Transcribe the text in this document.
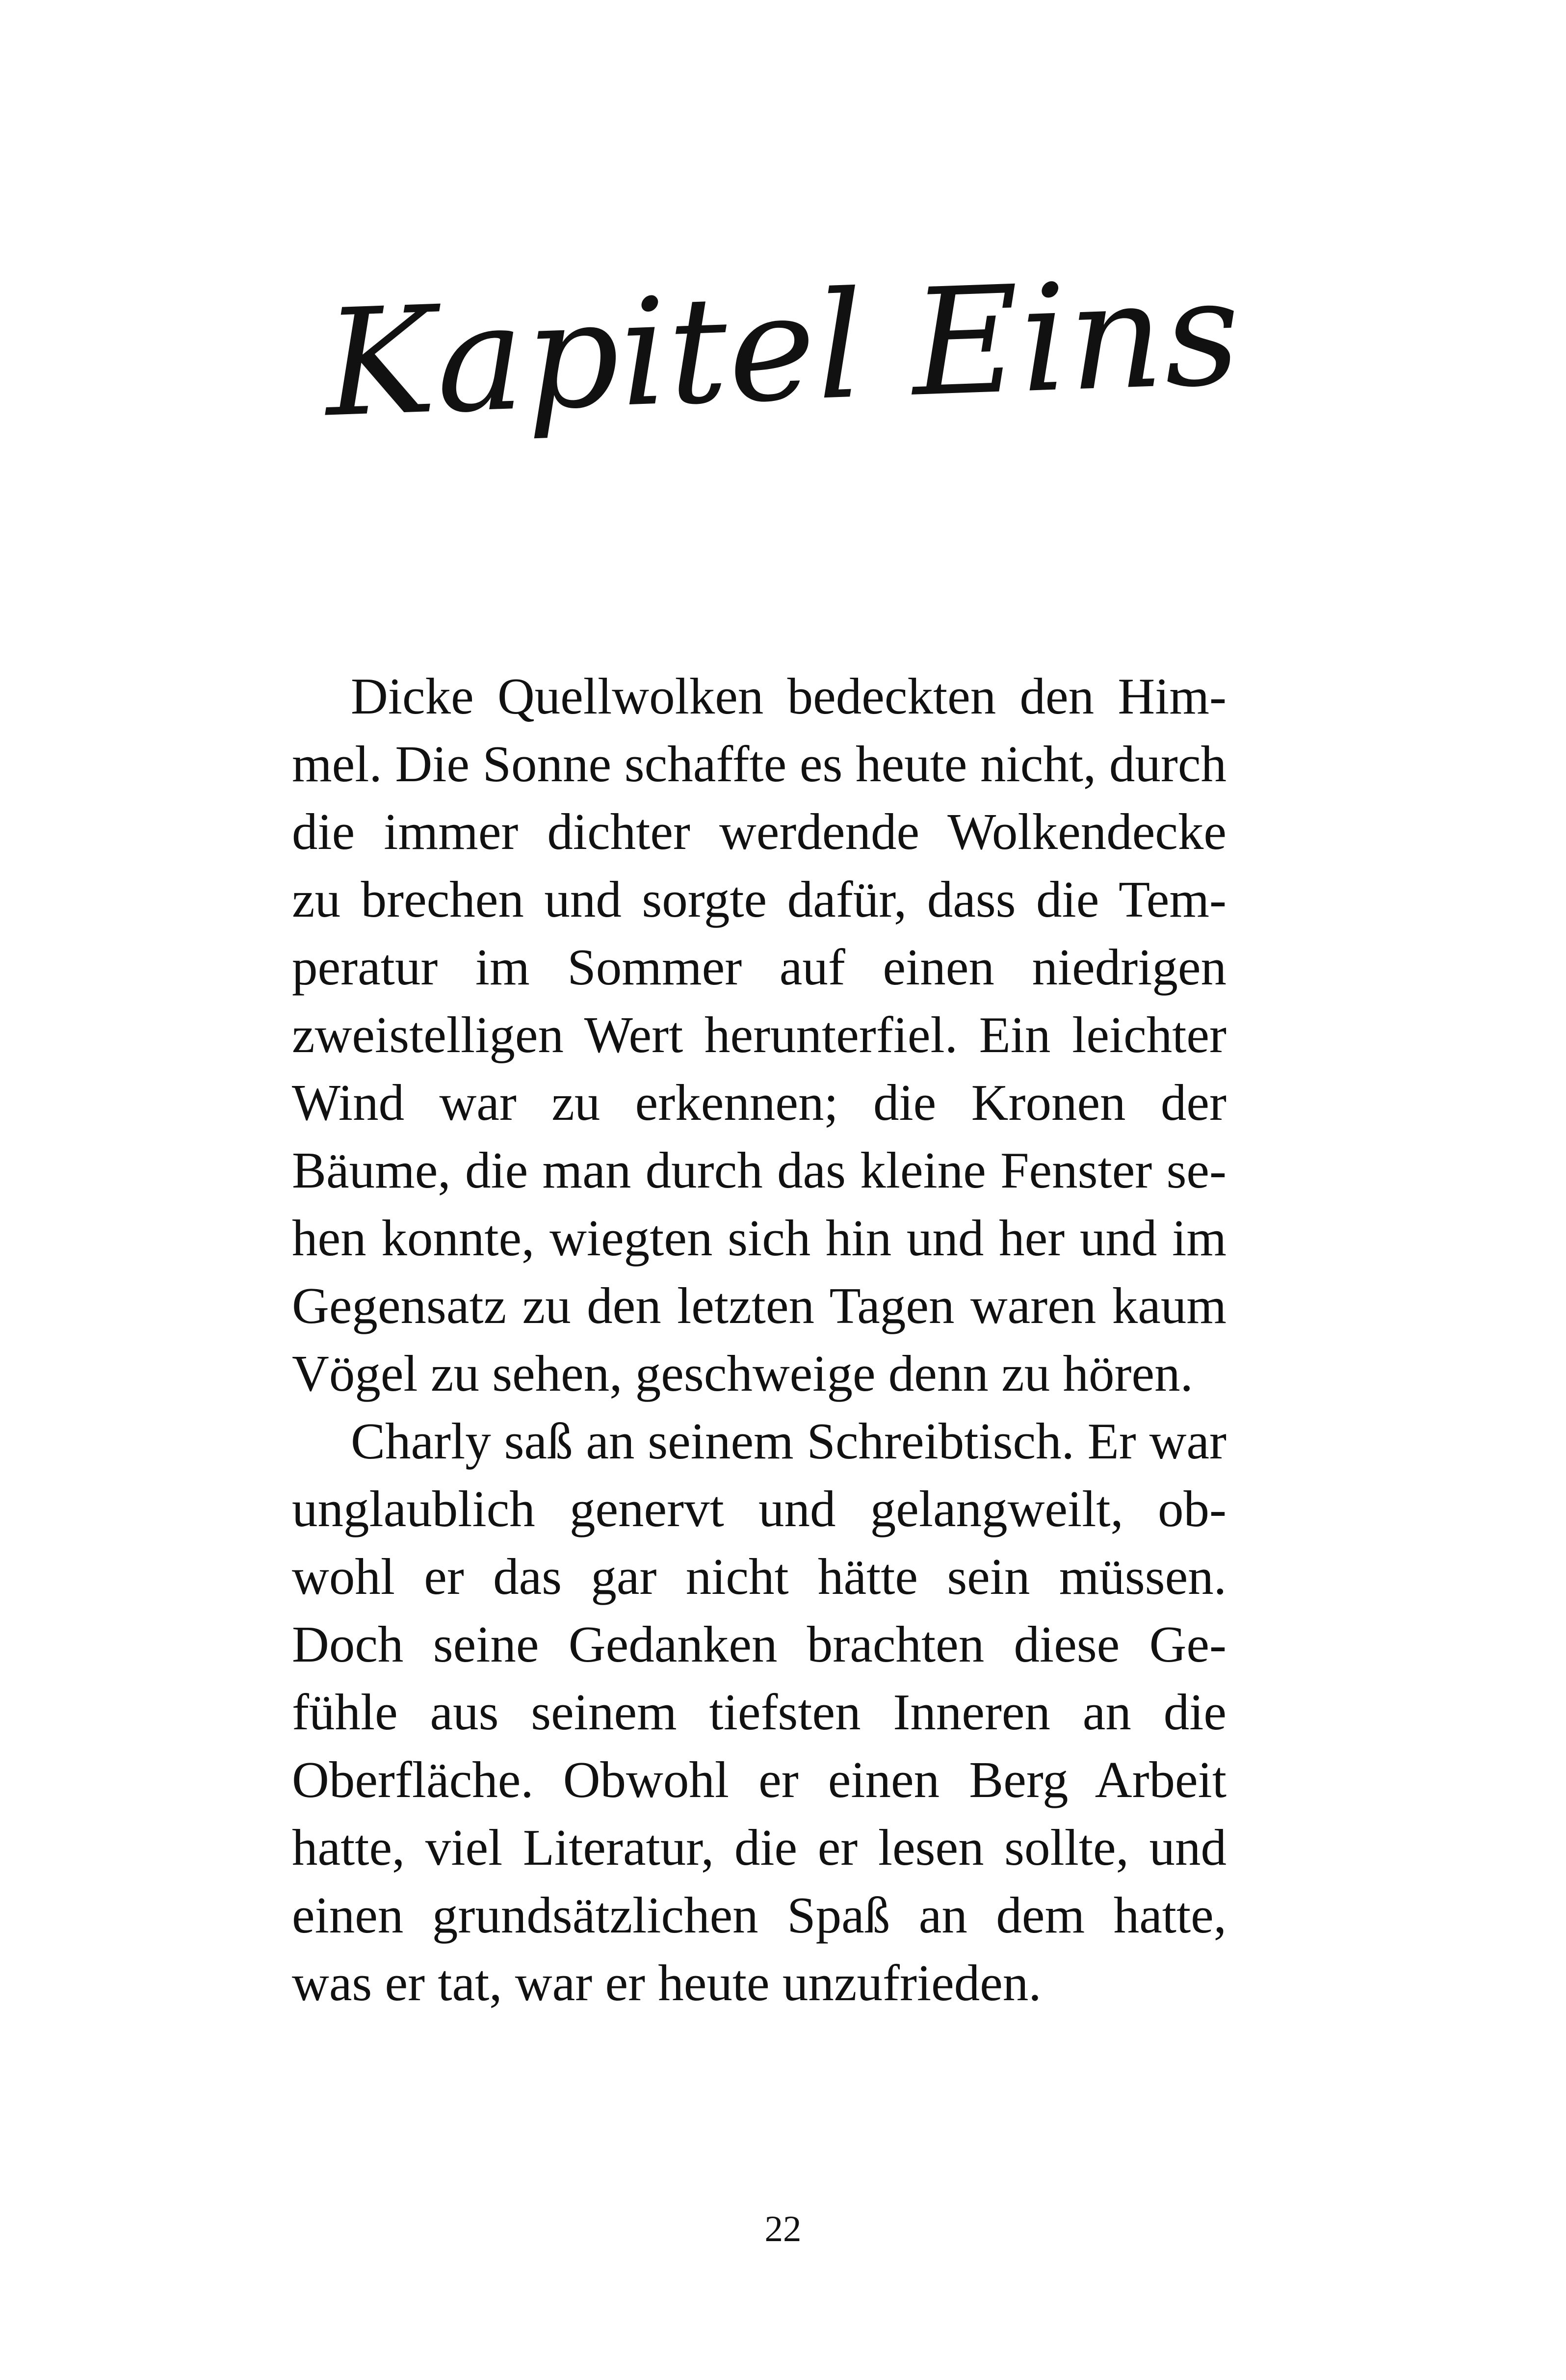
Kapitel Eins
Dicke Quellwolken bedeckten den Him-
mel. Die Sonne schaffte es heute nicht, durch
die immer dichter werdende Wolkendecke
zu brechen und sorgte dafür, dass die Tem-
peratur im Sommer auf einen niedrigen
zweistelligen Wert herunterfiel. Ein leichter
Wind war zu erkennen; die Kronen der
Bäume, die man durch das kleine Fenster se-
hen konnte, wiegten sich hin und her und im
Gegensatz zu den letzten Tagen waren kaum
Vögel zu sehen, geschweige denn zu hören.
Charly saß an seinem Schreibtisch. Er war
unglaublich genervt und gelangweilt, ob-
wohl er das gar nicht hätte sein müssen.
Doch seine Gedanken brachten diese Ge-
fühle aus seinem tiefsten Inneren an die
Oberfläche. Obwohl er einen Berg Arbeit
hatte, viel Literatur, die er lesen sollte, und
einen grundsätzlichen Spaß an dem hatte,
was er tat, war er heute unzufrieden.
22
